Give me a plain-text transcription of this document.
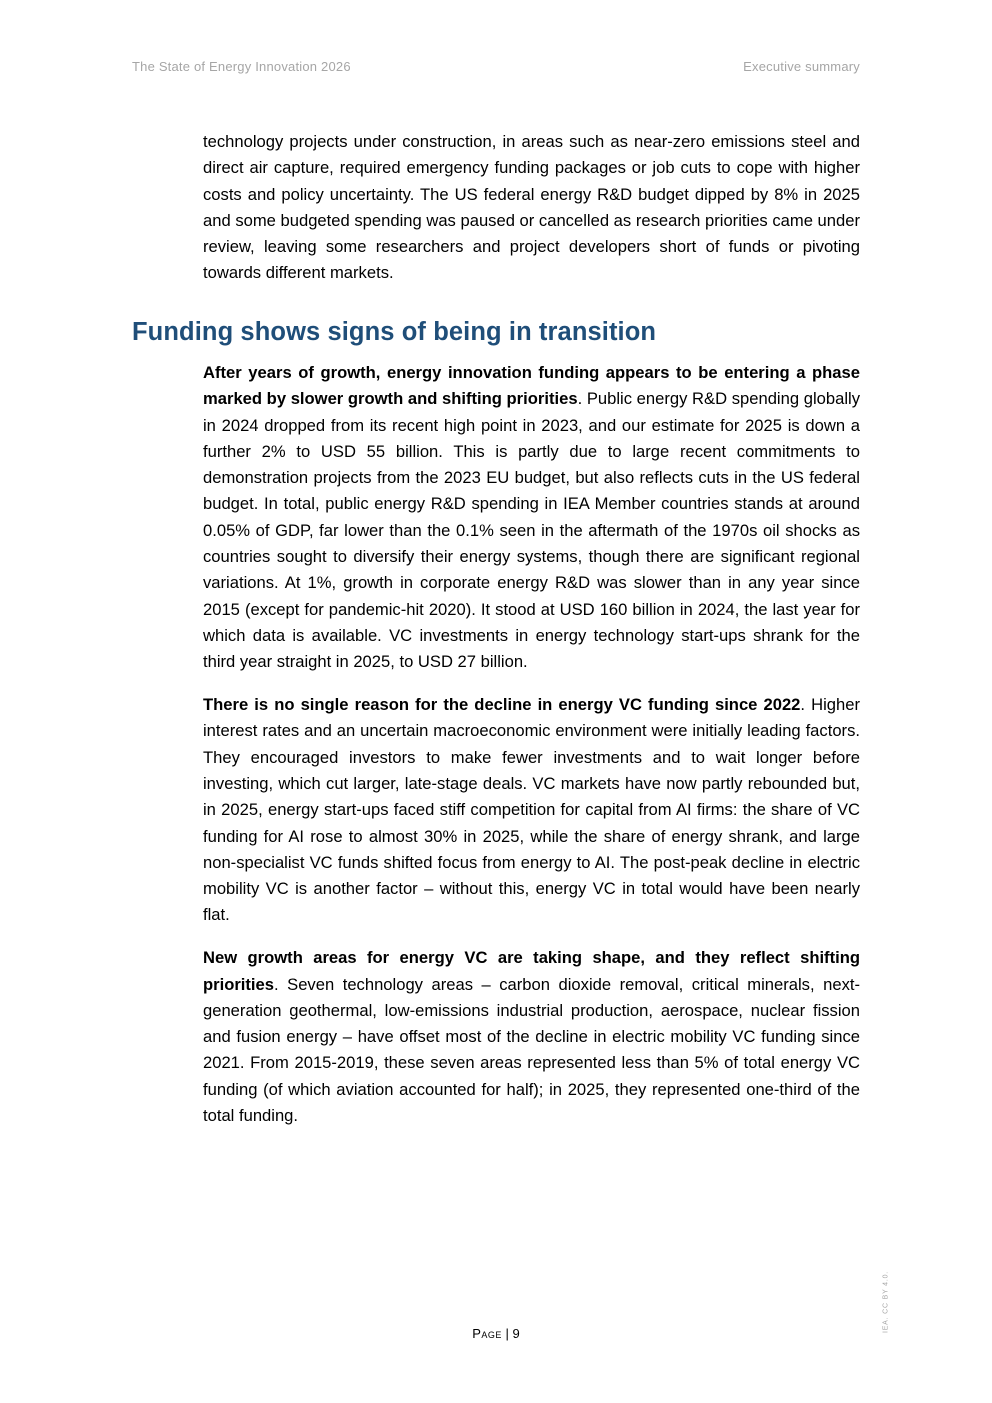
The State of Energy Innovation 2026	Executive summary

technology projects under construction, in areas such as near-zero emissions steel and direct air capture, required emergency funding packages or job cuts to cope with higher costs and policy uncertainty. The US federal energy R&D budget dipped by 8% in 2025 and some budgeted spending was paused or cancelled as research priorities came under review, leaving some researchers and project developers short of funds or pivoting towards different markets.

Funding shows signs of being in transition

After years of growth, energy innovation funding appears to be entering a phase marked by slower growth and shifting priorities. Public energy R&D spending globally in 2024 dropped from its recent high point in 2023, and our estimate for 2025 is down a further 2% to USD 55 billion. This is partly due to large recent commitments to demonstration projects from the 2023 EU budget, but also reflects cuts in the US federal budget. In total, public energy R&D spending in IEA Member countries stands at around 0.05% of GDP, far lower than the 0.1% seen in the aftermath of the 1970s oil shocks as countries sought to diversify their energy systems, though there are significant regional variations. At 1%, growth in corporate energy R&D was slower than in any year since 2015 (except for pandemic-hit 2020). It stood at USD 160 billion in 2024, the last year for which data is available. VC investments in energy technology start-ups shrank for the third year straight in 2025, to USD 27 billion.

There is no single reason for the decline in energy VC funding since 2022. Higher interest rates and an uncertain macroeconomic environment were initially leading factors. They encouraged investors to make fewer investments and to wait longer before investing, which cut larger, late-stage deals. VC markets have now partly rebounded but, in 2025, energy start-ups faced stiff competition for capital from AI firms: the share of VC funding for AI rose to almost 30% in 2025, while the share of energy shrank, and large non-specialist VC funds shifted focus from energy to AI. The post-peak decline in electric mobility VC is another factor – without this, energy VC in total would have been nearly flat.

New growth areas for energy VC are taking shape, and they reflect shifting priorities. Seven technology areas – carbon dioxide removal, critical minerals, next-generation geothermal, low-emissions industrial production, aerospace, nuclear fission and fusion energy – have offset most of the decline in electric mobility VC funding since 2021. From 2015-2019, these seven areas represented less than 5% of total energy VC funding (of which aviation accounted for half); in 2025, they represented one-third of the total funding.

Page | 9
IEA. CC BY 4.0.
